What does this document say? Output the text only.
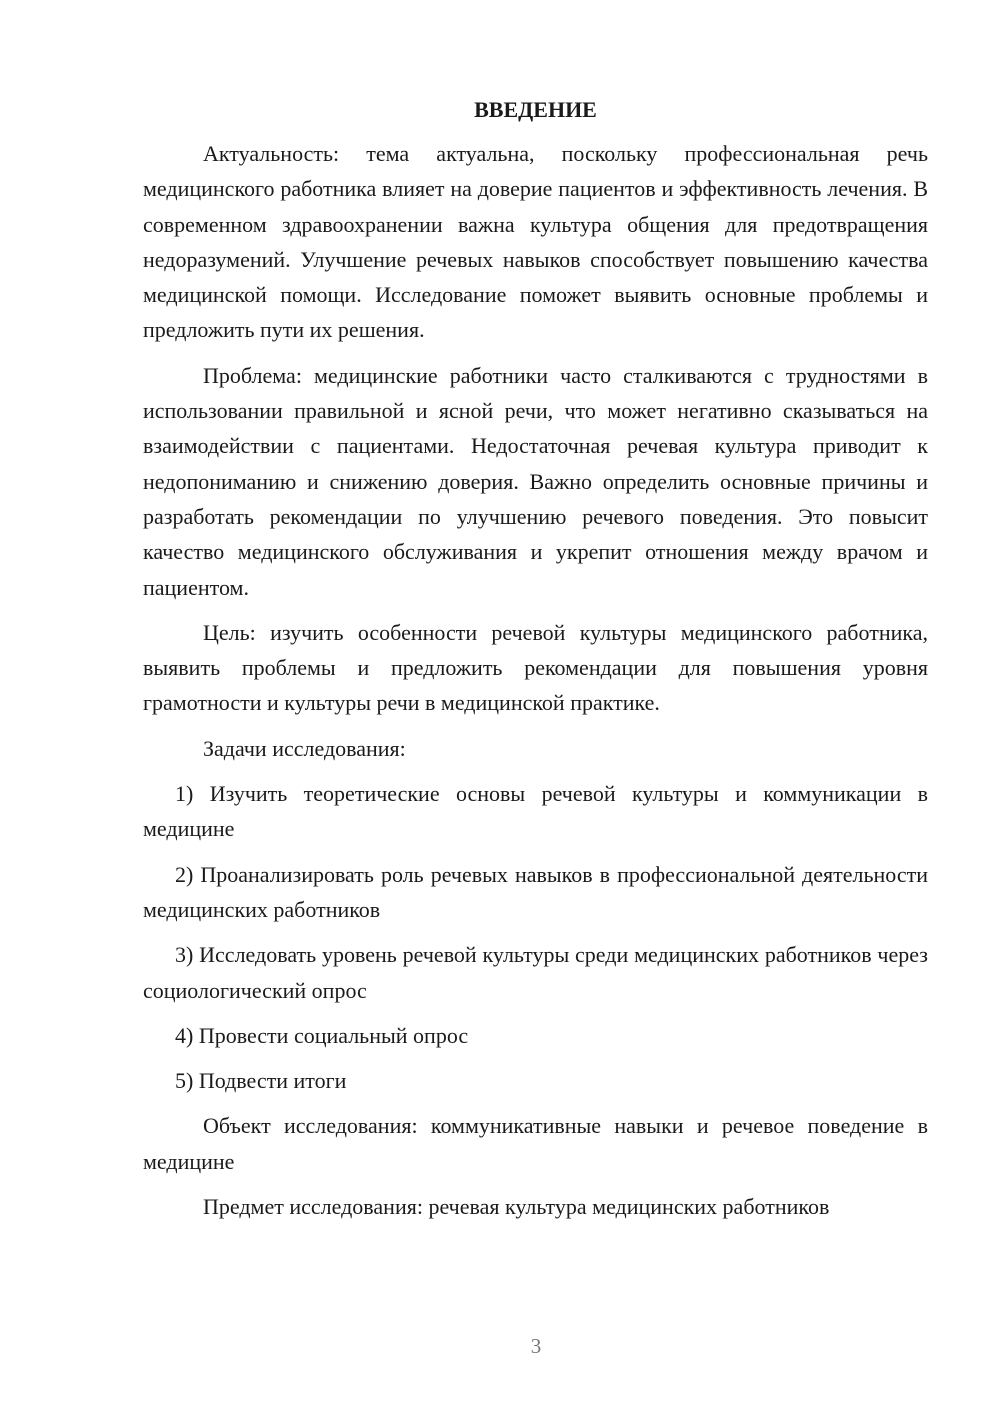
ВВЕДЕНИЕ

Актуальность: тема актуальна, поскольку профессиональная речь медицинского работника влияет на доверие пациентов и эффективность лечения. В современном здравоохранении важна культура общения для предотвращения недоразумений. Улучшение речевых навыков способствует повышению качества медицинской помощи. Исследование поможет выявить основные проблемы и предложить пути их решения.

Проблема: медицинские работники часто сталкиваются с трудностями в использовании правильной и ясной речи, что может негативно сказываться на взаимодействии с пациентами. Недостаточная речевая культура приводит к недопониманию и снижению доверия. Важно определить основные причины и разработать рекомендации по улучшению речевого поведения. Это повысит качество медицинского обслуживания и укрепит отношения между врачом и пациентом.

Цель: изучить особенности речевой культуры медицинского работника, выявить проблемы и предложить рекомендации для повышения уровня грамотности и культуры речи в медицинской практике.

Задачи исследования:

1) Изучить теоретические основы речевой культуры и коммуникации в медицине

2) Проанализировать роль речевых навыков в профессиональной деятельности медицинских работников

3) Исследовать уровень речевой культуры среди медицинских работников через социологический опрос

4) Провести социальный опрос

5) Подвести итоги

Объект исследования: коммуникативные навыки и речевое поведение в медицине

Предмет исследования: речевая культура медицинских работников

3
